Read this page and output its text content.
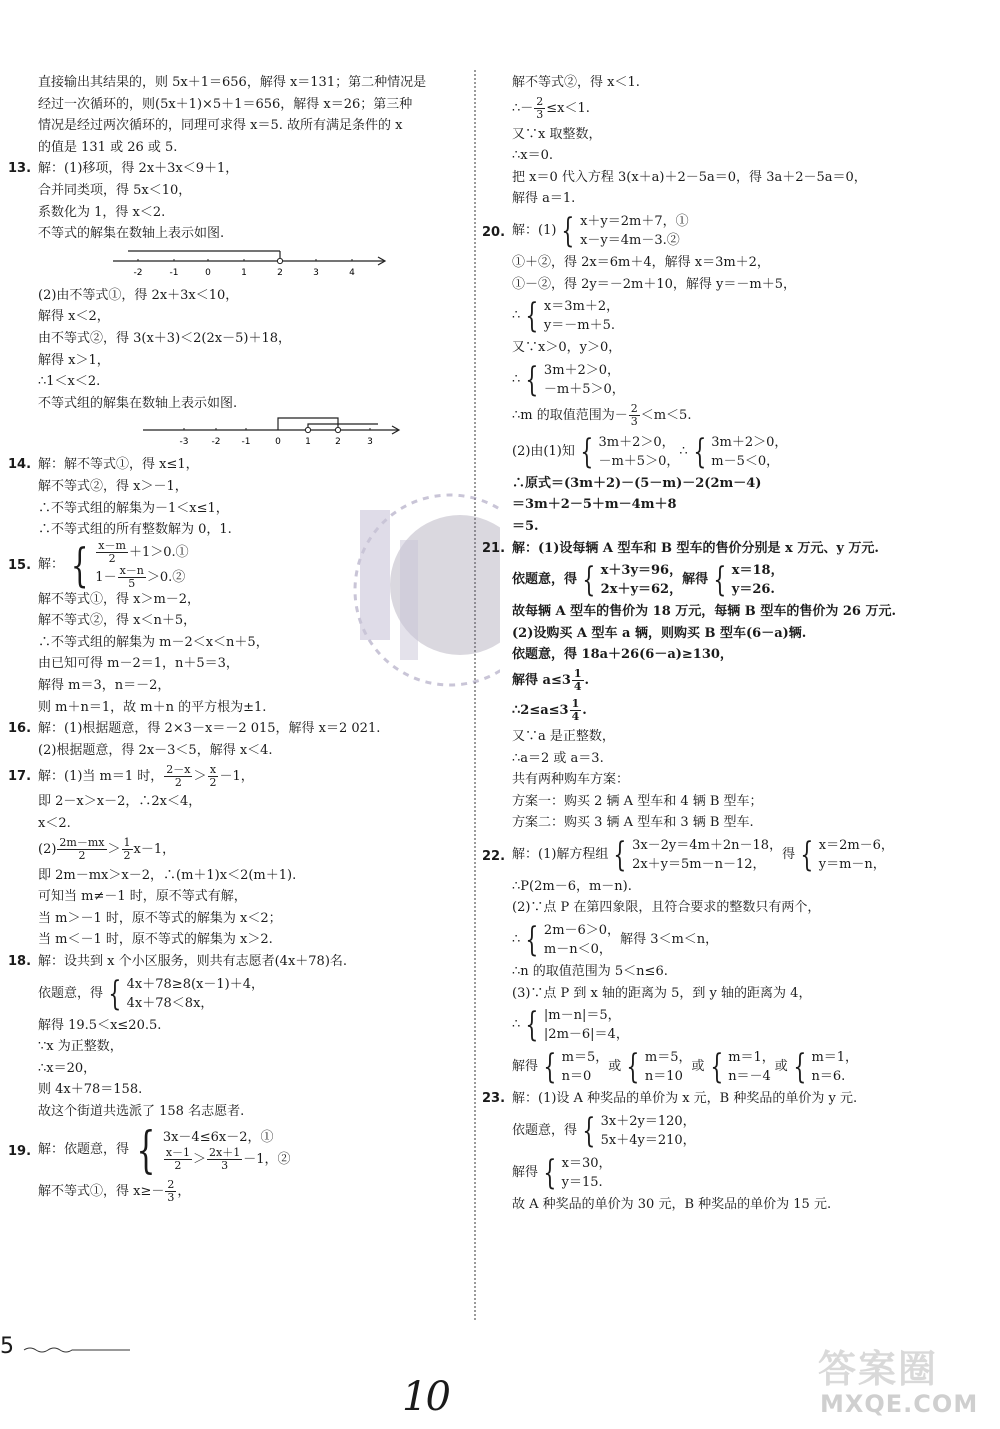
直接输出其结果的，则 5x＋1＝656，解得 x＝131；第二种情况是
经过一次循环的，则(5x＋1)×5＋1＝656，解得 x＝26；第三种
情况是经过两次循环的，同理可求得 x＝5. 故所有满足条件的 x
的值是 131 或 26 或 5.
13. 解：(1)移项，得 2x＋3x＜9＋1，
合并同类项，得 5x＜10，
系数化为 1，得 x＜2.
不等式的解集在数轴上表示如图.
-2	-1	0	1	2	3	4
(2)由不等式①，得 2x＋3x＜10，
解得 x＜2，
由不等式②，得 3(x＋3)＜2(2x－5)＋18，
解得 x＞1，
∴1＜x＜2.
不等式组的解集在数轴上表示如图.
-3	-2 -1	0	1	2	3
14. 解：解不等式①，得 x≤1，
解不等式②，得 x＞－1，
∴不等式组的解集为－1＜x≤1，
∴不等式组的所有整数解为 0，1.
15. 解： { $\frac{x-m}{2}$ ＋1＞0.①
$1- \frac{x-n}{5}$ ＞0.②
解不等式①，得 x＞m－2，
解不等式②，得 x＜n＋5，
∴不等式组的解集为 m－2＜x＜n＋5，
由已知可得 m－2＝1，n＋5＝3，
解得 m＝3，n＝－2，
则 m＋n＝1，故 m＋n 的平方根为±1.
16. 解：(1)根据题意，得 2×3－x＝－2 015，解得 x＝2 021.
(2)根据题意，得 2x－3＜5，解得 x＜4.
17. 解：(1)当 m＝1 时， $\frac{2-x}{2} > \frac{x}{2} -1$，
即 2－x＞x－2，∴2x＜4，
x＜2.
$(2) \frac{2m-mx}{2} > \frac{1}{2} x-1$，
即 2m－mx＞x－2，∴(m＋1)x＜2(m＋1).
可知当 m≠－1 时，原不等式有解，
当 m＞－1 时，原不等式的解集为 x＜2；
当 m＜－1 时，原不等式的解集为 x＞2.
18. 解：设共到 x 个小区服务，则共有志愿者(4x＋78)名.
依题意，得 { 4x＋78≥8(x－1)＋4，
4x＋78＜8x，
解得 19.5＜x≤20.5.
∵x 为正整数，
∴x＝20，
则 4x＋78＝158.
故这个街道共选派了 158 名志愿者.
19. 解：依题意，得 { 3x－4≤6x－2，①
$\frac{x-1}{2} > \frac{2x+1}{3} -1$，②
解不等式①，得 $x\ge- \frac{2}{3}$ ，
解不等式②，得 x＜1.
∴－ $\frac{2}{3} \le x<1$.
又∵x 取整数，
∴x＝0.
把 x＝0 代入方程 3(x＋a)＋2－5a＝0，得 3a＋2－5a＝0，
解得 a＝1.
20. 解：(1) { x＋y＝2m＋7，①
x－y＝4m－3.②
①＋②，得 2x＝6m＋4，解得 x＝3m＋2，
①－②，得 2y＝－2m＋10，解得 y＝－m＋5，
∴ { x＝3m＋2，
y＝－m＋5.
又∵x＞0，y＞0，
∴ { 3m＋2＞0，
－m＋5＞0，
∴m 的取值范围为－ $\frac{2}{3} <m<5$.
(2)由(1)知 { 3m＋2＞0，
－m＋5＞0，
∴ { 3m＋2＞0，
m－5＜0，
∴原式＝(3m＋2)－(5－m)－2(2m－4)
＝3m＋2－5＋m－4m＋8
＝5.
21. 解：(1)设每辆 A 型车和 B 型车的售价分别是 x 万元、y 万元.
依题意，得 { x＋3y＝96，
2x＋y＝62，
解得 { x＝18，
y＝26.
故每辆 A 型车的售价为 18 万元，每辆 B 型车的售价为 26 万元.
(2)设购买 A 型车 a 辆，则购买 B 型车(6－a)辆.
依题意，得 18a＋26(6－a)≥130，
解得 $a\le 3 \frac{1}{4}$ .
∴2≤a≤3 $\frac{1}{4}$ .
又∵a 是正整数，
∴a＝2 或 a＝3.
共有两种购车方案：
方案一：购买 2 辆 A 型车和 4 辆 B 型车；
方案二：购买 3 辆 A 型车和 3 辆 B 型车.
22. 解：(1)解方程组 { 3x－2y＝4m＋2n－18，
2x＋y＝5m－n－12，
得 { x＝2m－6，
y＝m－n，
∴P(2m－6，m－n).
(2)∵点 P 在第四象限，且符合要求的整数只有两个，
∴ { 2m－6＞0，
m－n＜0，
解得 3＜m＜n，
∴n 的取值范围为 5＜n≤6.
(3)∵点 P 到 x 轴的距离为 5，到 y 轴的距离为 4，
∴ { |m－n|＝5，
|2m－6|＝4，
解得 { m＝5，
n＝0
或 { m＝5，
n＝10
或 { m＝1，
n＝－4
或 { m＝1，
n＝6.
23. 解：(1)设 A 种奖品的单价为 x 元，B 种奖品的单价为 y 元.
依题意，得 { 3x＋2y＝120，
5x＋4y＝210，
解得 { x＝30，
y＝15.
故 A 种奖品的单价为 30 元，B 种奖品的单价为 15 元.
5
10
答案圈
MXQE.COM
